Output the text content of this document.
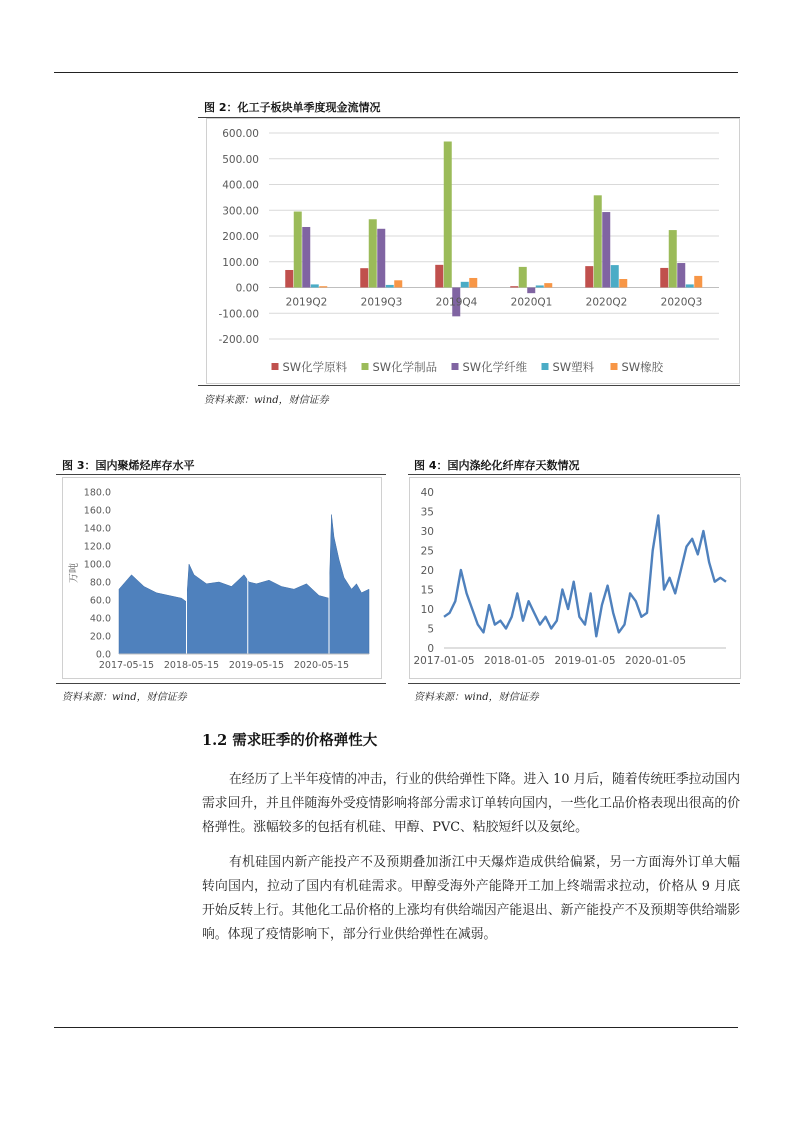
图 2：化工子板块单季度现金流情况
600.00
500.00
400.00
300.00
200.00
100.00
0.00
-100.00
-200.00
2019Q2	2019Q3	2019Q4	2020Q1	2020Q2	2020Q3
SW化学原料 SW化学制品 SW化学纤维 SW塑料 SW橡胶
资料来源：wind，财信证券
图 3：国内聚烯烃库存水平
180.0
160.0
140.0
120.0
100.0
80.0
60.0
40.0
20.0
0.0
万吨
2017-05-15 2018-05-15 2019-05-15 2020-05-15
资料来源：wind，财信证券
图 4：国内涤纶化纤库存天数情况
40
35
30
25
20
15
10
5
0
2017-01-05 2018-01-05 2019-01-05 2020-01-05
资料来源：wind，财信证券
1.2 需求旺季的价格弹性大

在经历了上半年疫情的冲击，行业的供给弹性下降。进入 10 月后，随着传统旺季拉动国内需求回升，并且伴随海外受疫情影响将部分需求订单转向国内，一些化工品价格表现出很高的价格弹性。涨幅较多的包括有机硅、甲醇、PVC、粘胶短纤以及氨纶。

有机硅国内新产能投产不及预期叠加浙江中天爆炸造成供给偏紧，另一方面海外订单大幅转向国内，拉动了国内有机硅需求。甲醇受海外产能降开工加上终端需求拉动，价格从 9 月底开始反转上行。其他化工品价格的上涨均有供给端因产能退出、新产能投产不及预期等供给端影响。体现了疫情影响下，部分行业供给弹性在减弱。
